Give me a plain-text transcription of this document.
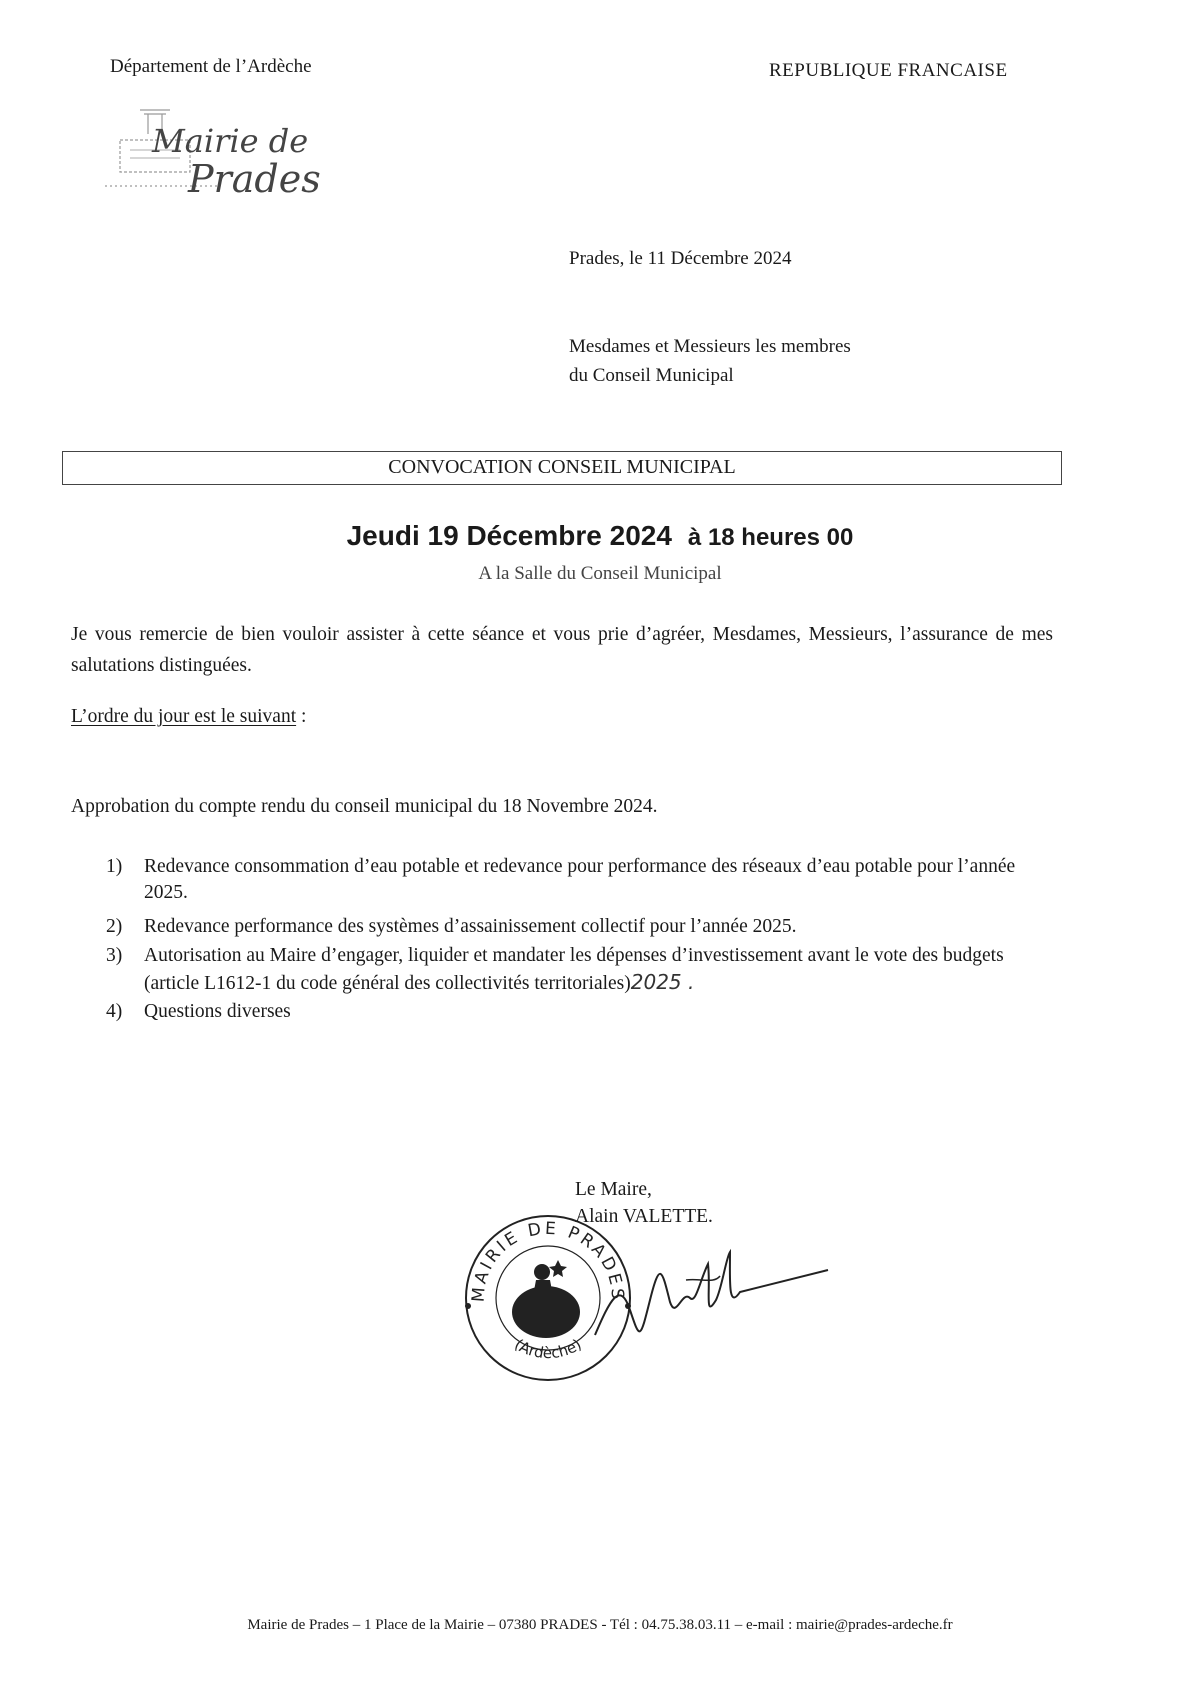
Département de l’Ardèche	REPUBLIQUE FRANCAISE
Mairie de
Prades
Prades, le 11 Décembre 2024
Mesdames et Messieurs les membres
du Conseil Municipal
CONVOCATION CONSEIL MUNICIPAL
Jeudi 19 Décembre 2024 à 18 heures 00
A la Salle du Conseil Municipal
Je vous remercie de bien vouloir assister à cette séance et vous prie d’agréer, Mesdames, Messieurs, l’assurance de mes salutations distinguées.
L’ordre du jour est le suivant :
Approbation du compte rendu du conseil municipal du 18 Novembre 2024.
1) Redevance consommation d’eau potable et redevance pour performance des réseaux d’eau potable pour l’année 2025.
2) Redevance performance des systèmes d’assainissement collectif pour l’année 2025.
3) Autorisation au Maire d’engager, liquider et mandater les dépenses d’investissement avant le vote des budgets (article L1612-1 du code général des collectivités territoriales)2025 .
4) Questions diverses
Le Maire,
MAIRIE DE PRADES
(Ardèche)
Alain VALETTE.
Mairie de Prades – 1 Place de la Mairie – 07380 PRADES - Tél : 04.75.38.03.11 – e-mail : mairie@prades-ardeche.fr
